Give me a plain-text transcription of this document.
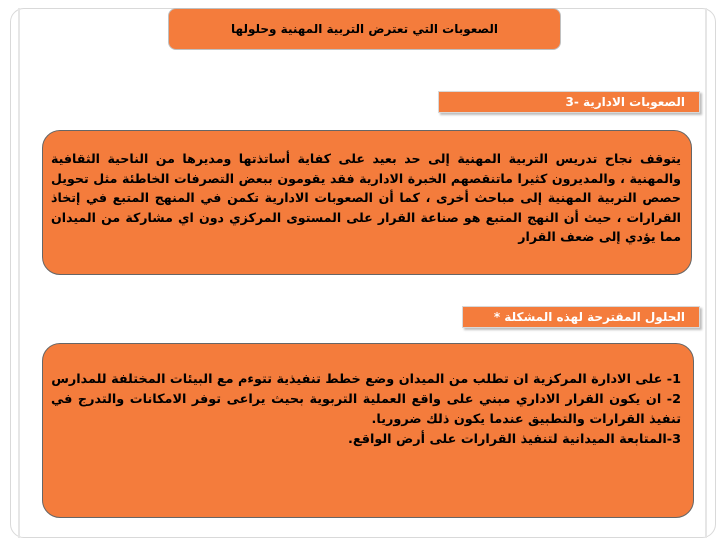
الصعوبات التي تعترض التربية المهنية وحلولها
الصعوبات الادارية -3

يتوقف نجاح تدريس التربية المهنية إلى حد بعيد على كفاية أساتذتها ومديرها من الناحية الثقافية والمهنية ، والمديرون كثيرا ماتنقصهم الخبرة الادارية فقد يقومون ببعض التصرفات الخاطئة مثل تحويل حصص التربية المهنية إلى مباحث أخرى ، كما أن الصعوبات الادارية تكمن في المنهج المتبع في إتخاذ القرارات ، حيث أن النهج المتبع هو صناعة القرار على المستوى المركزي دون اي مشاركة من الميدان مما يؤدي إلى ضعف القرار

الحلول المقترحة لهذه المشكلة *

1- على الادارة المركزية ان تطلب من الميدان وضع خطط تنفيذية تتوءم مع البيئات المختلفة للمدارس

2- ان يكون القرار الاداري مبني على واقع العملية التربوية بحيث يراعى توفر الامكانات والتدرج في تنفيذ القرارات والتطبيق عندما يكون ذلك ضروريا.

3-المتابعة الميدانية لتنفيذ القرارات على أرض الواقع.
